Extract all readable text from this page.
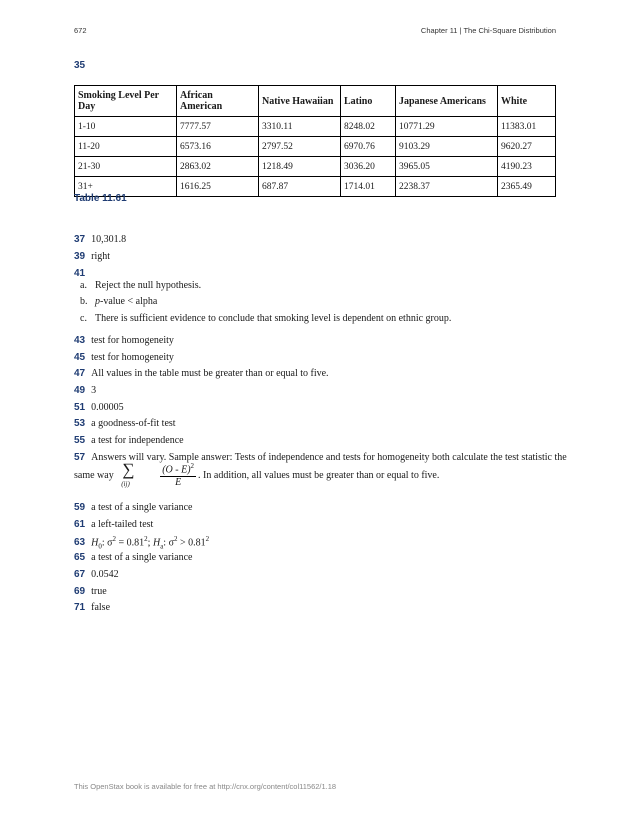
672	Chapter 11 | The Chi-Square Distribution
35
Smoking Level Per Day	African American	Native Hawaiian	Latino	Japanese Americans	White
1-10	7777.57	3310.11	8248.02	10771.29	11383.01
11-20	6573.16	2797.52	6970.76	9103.29	9620.27
21-30	2863.02	1218.49	3036.20	3965.05	4190.23
31+	1616.25	687.87	1714.01	2238.37	2365.49
Table 11.61
37 10,301.8
39 right
41
a. Reject the null hypothesis.
b. p-value < alpha
c. There is sufficient evidence to conclude that smoking level is dependent on ethnic group.
43 test for homogeneity
45 test for homogeneity
47 All values in the table must be greater than or equal to five.
49 3
51 0.00005
53 a goodness-of-fit test
55 a test for independence
57 Answers will vary. Sample answer: Tests of independence and tests for homogeneity both calculate the test statistic the
same way ∑
(ij)	$\frac{(O - E)^2}{E}$ . In addition, all values must be greater than or equal to five.
59 a test of a single variance
61 a left-tailed test
63 $H_0$: $\sigma^2 = 0.81^2$; $H_a$: $\sigma^2 > 0.81^2$
65 a test of a single variance
67 0.0542
69 true
71 false
This OpenStax book is available for free at http://cnx.org/content/col11562/1.18
